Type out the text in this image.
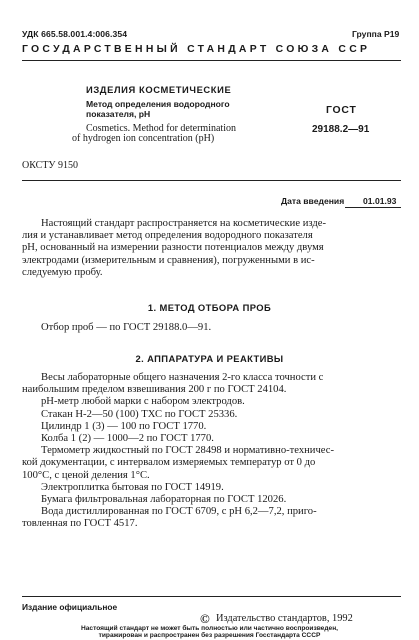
УДК 665.58.001.4:006.354	Группа Р19
ГОСУДАРСТВЕННЫЙ СТАНДАРТ СОЮЗА ССР
ИЗДЕЛИЯ КОСМЕТИЧЕСКИЕ
Метод определения водородного
показателя, рН
Cosmetics. Method for determination
of hydrogen ion concentration (pH)
ГОСТ
29188.2—91
ОКСТУ 9150
Дата введения 01.01.93
Настоящий стандарт распространяется на косметические изде-
лия и устанавливает метод определения водородного показателя
pH, основанный на измерении разности потенциалов между двумя
электродами (измерительным и сравнения), погруженными в ис-
следуемую пробу.
1. МЕТОД ОТБОРА ПРОБ
Отбор проб — по ГОСТ 29188.0—91.
2. АППАРАТУРА И РЕАКТИВЫ
Весы лабораторные общего назначения 2-го класса точности с
наибольшим пределом взвешивания 200 г по ГОСТ 24104.
рН-метр любой марки с набором электродов.
Стакан Н-2—50 (100) ТХС по ГОСТ 25336.
Цилиндр 1 (3) — 100 по ГОСТ 1770.
Колба 1 (2) — 1000—2 по ГОСТ 1770.
Термометр жидкостный по ГОСТ 28498 и нормативно-техничес-
кой документации, с интервалом измеряемых температур от 0 до
100°С, с ценой деления 1°С.
Электроплитка бытовая по ГОСТ 14919.
Бумага фильтровальная лабораторная по ГОСТ 12026.
Вода дистиллированная по ГОСТ 6709, с pH 6,2—7,2, приго-
товленная по ГОСТ 4517.
Издание официальное
© Издательство стандартов, 1992
Настоящий стандарт не может быть полностью или частично воспроизведен,
тиражирован и распространен без разрешения Госстандарта СССР
